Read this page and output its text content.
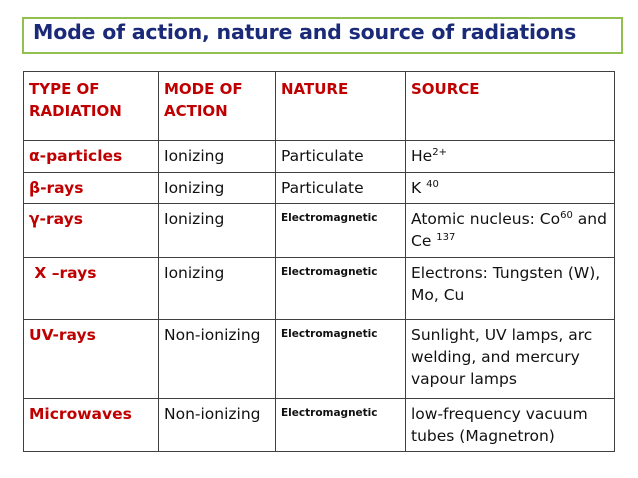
Mode of action, nature and source of radiations
TYPE OF RADIATION	MODE OF ACTION	NATURE	SOURCE
α-particles	Ionizing	Particulate	$He^{2+}$
β-rays	Ionizing	Particulate	K $^{40}$
γ-rays	Ionizing	Electromagnetic	Atomic nucleus: Co$^{60}$ and Ce $^{137}$
X –rays	Ionizing	Electromagnetic	Electrons: Tungsten (W), Mo, Cu
UV-rays	Non-ionizing	Electromagnetic	Sunlight, UV lamps, arc welding, and mercury vapour lamps
Microwaves	Non-ionizing	Electromagnetic	low-frequency vacuum tubes (Magnetron)
